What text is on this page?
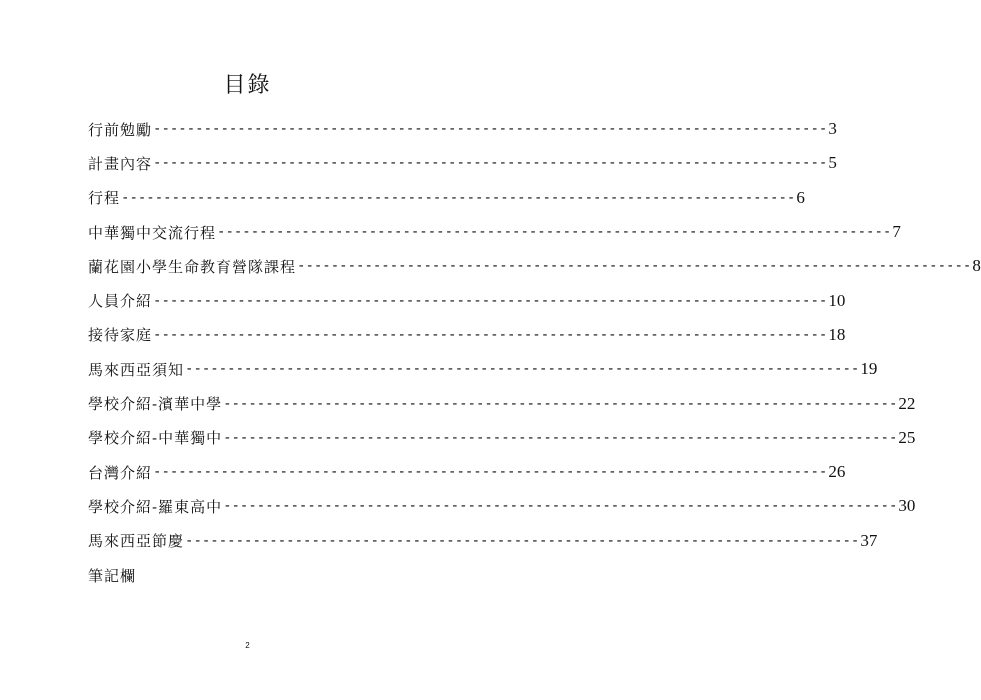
目錄
行前勉勵 -------------------------------------------------------------------------------- 3
計畫內容 -------------------------------------------------------------------------------- 5
行程 -------------------------------------------------------------------------------- 6
中華獨中交流行程 -------------------------------------------------------------------------------- 7
蘭花園小學生命教育營隊課程 -------------------------------------------------------------------------------- 8
人員介紹 -------------------------------------------------------------------------------- 10
接待家庭 -------------------------------------------------------------------------------- 18
馬來西亞須知 -------------------------------------------------------------------------------- 19
學校介紹-濱華中學 -------------------------------------------------------------------------------- 22
學校介紹-中華獨中 -------------------------------------------------------------------------------- 25
台灣介紹 -------------------------------------------------------------------------------- 26
學校介紹-羅東高中 -------------------------------------------------------------------------------- 30
馬來西亞節慶 -------------------------------------------------------------------------------- 37
筆記欄
2
